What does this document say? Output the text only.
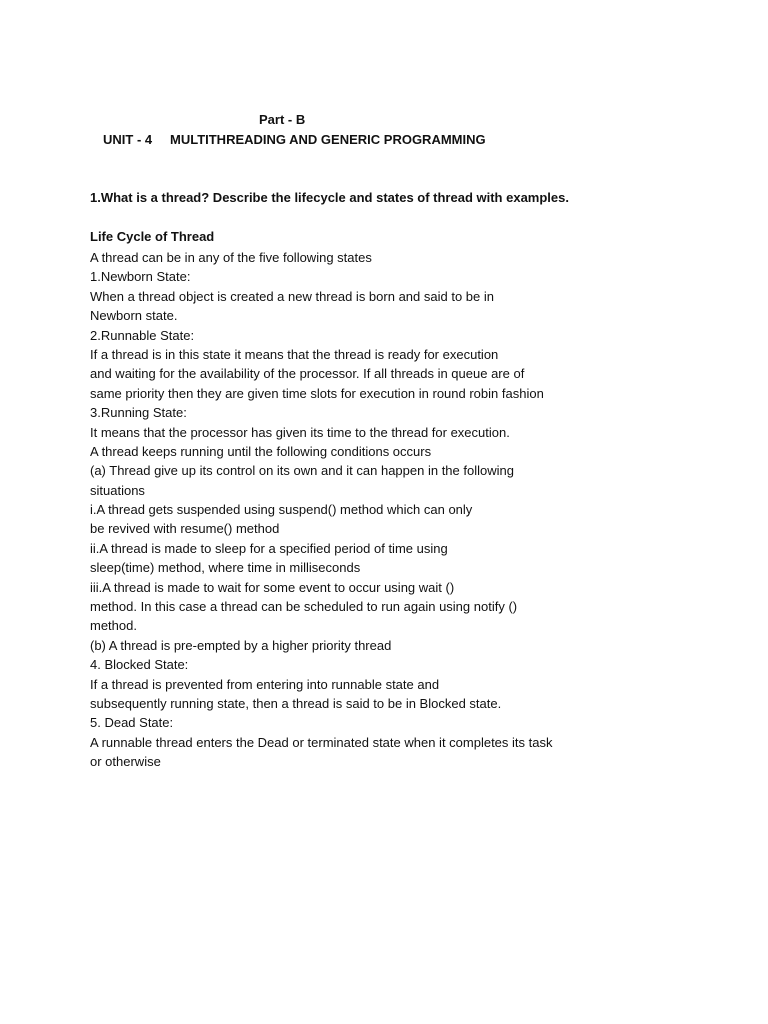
Part - B
UNIT - 4 MULTITHREADING AND GENERIC PROGRAMMING
1.What is a thread? Describe the lifecycle and states of thread with examples.
Life Cycle of Thread
A thread can be in any of the five following states
1.Newborn State:
When a thread object is created a new thread is born and said to be in
Newborn state.
2.Runnable State:
If a thread is in this state it means that the thread is ready for execution
and waiting for the availability of the processor. If all threads in queue are of
same priority then they are given time slots for execution in round robin fashion
3.Running State:
It means that the processor has given its time to the thread for execution.
A thread keeps running until the following conditions occurs
(a) Thread give up its control on its own and it can happen in the following
situations
i.A thread gets suspended using suspend() method which can only
be revived with resume() method
ii.A thread is made to sleep for a specified period of time using
sleep(time) method, where time in milliseconds
iii.A thread is made to wait for some event to occur using wait ()
method. In this case a thread can be scheduled to run again using notify ()
method.
(b) A thread is pre-empted by a higher priority thread
4. Blocked State:
If a thread is prevented from entering into runnable state and
subsequently running state, then a thread is said to be in Blocked state.
5. Dead State:
A runnable thread enters the Dead or terminated state when it completes its task
or otherwise
